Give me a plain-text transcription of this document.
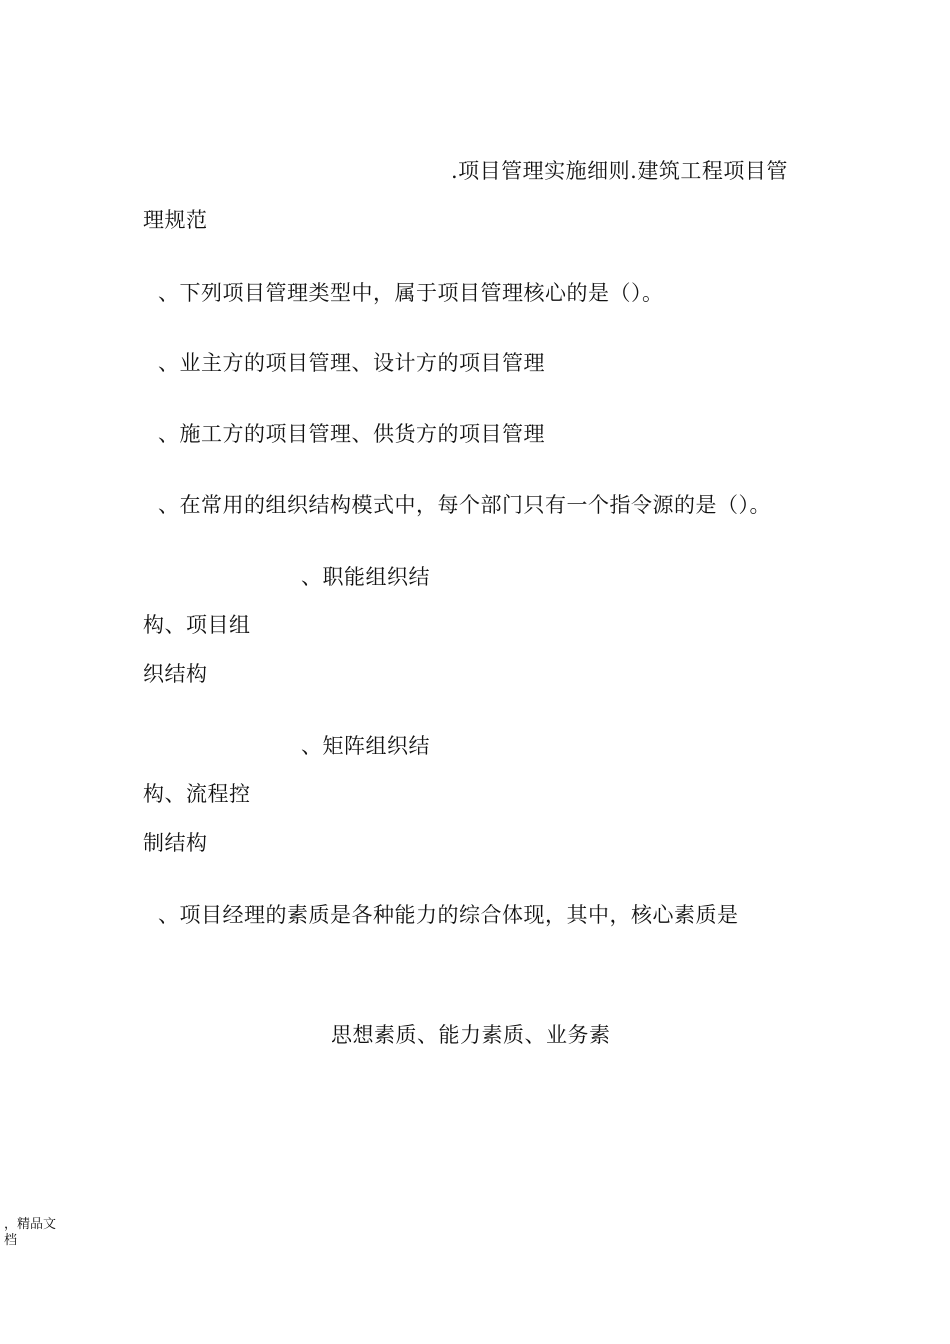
.项目管理实施细则.建筑工程项目管
理规范
、下列项目管理类型中，属于项目管理核心的是（）。
、业主方的项目管理、设计方的项目管理
、施工方的项目管理、供货方的项目管理
、在常用的组织结构模式中，每个部门只有一个指令源的是（）。
、职能组织结
构、项目组
织结构
、矩阵组织结
构、流程控
制结构
、项目经理的素质是各种能力的综合体现，其中，核心素质是
思想素质、能力素质、业务素
，精品文
档
